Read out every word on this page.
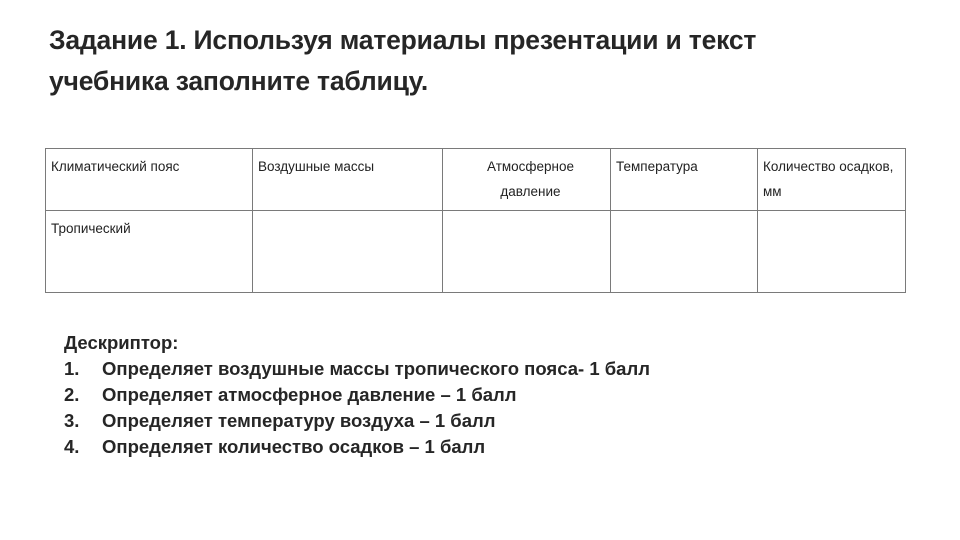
Задание 1. Используя материалы презентации и текст
учебника заполните таблицу.
Климатический пояс	Воздушные массы	Атмосферное давление	Температура	Количество осадков, мм
Тропический				
Дескриптор:
1.	Определяет воздушные массы тропического пояса- 1 балл
2.	Определяет атмосферное давление – 1 балл
3.	Определяет температуру воздуха – 1 балл
4.	Определяет количество осадков – 1 балл
